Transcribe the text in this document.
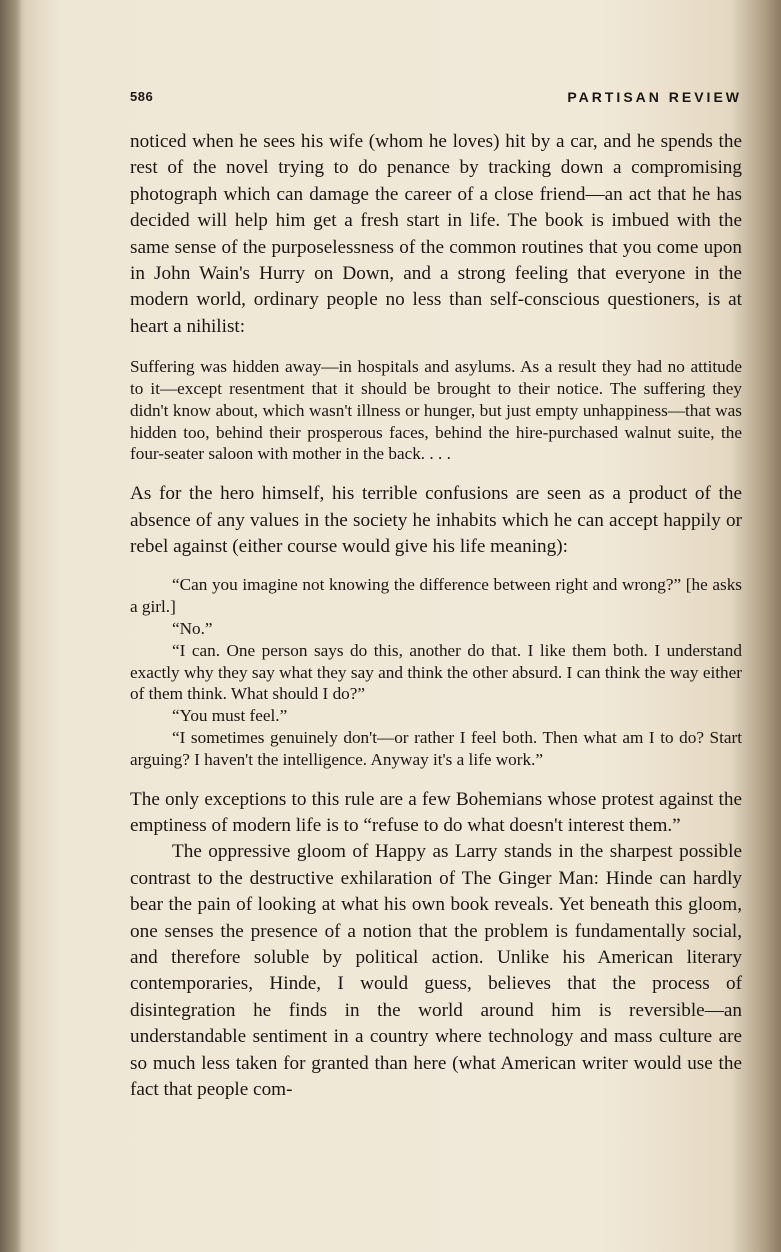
586	PARTISAN REVIEW

noticed when he sees his wife (whom he loves) hit by a car, and he spends the rest of the novel trying to do penance by tracking down a compromising photograph which can damage the career of a close friend—an act that he has decided will help him get a fresh start in life. The book is imbued with the same sense of the purposelessness of the common routines that you come upon in John Wain's Hurry on Down, and a strong feeling that everyone in the modern world, ordinary people no less than self-conscious questioners, is at heart a nihilist:

Suffering was hidden away—in hospitals and asylums. As a result they had no attitude to it—except resentment that it should be brought to their notice. The suffering they didn't know about, which wasn't illness or hunger, but just empty unhappiness—that was hidden too, behind their prosperous faces, behind the hire-purchased walnut suite, the four-seater saloon with mother in the back. . . .

As for the hero himself, his terrible confusions are seen as a product of the absence of any values in the society he inhabits which he can accept happily or rebel against (either course would give his life meaning):

“Can you imagine not knowing the difference between right and wrong?” [he asks a girl.]

“No.”

“I can. One person says do this, another do that. I like them both. I understand exactly why they say what they say and think the other absurd. I can think the way either of them think. What should I do?”

“You must feel.”

“I sometimes genuinely don't—or rather I feel both. Then what am I to do? Start arguing? I haven't the intelligence. Anyway it's a life work.”

The only exceptions to this rule are a few Bohemians whose protest against the emptiness of modern life is to “refuse to do what doesn't interest them.”

The oppressive gloom of Happy as Larry stands in the sharpest possible contrast to the destructive exhilaration of The Ginger Man: Hinde can hardly bear the pain of looking at what his own book reveals. Yet beneath this gloom, one senses the presence of a notion that the problem is fundamentally social, and therefore soluble by political action. Unlike his American literary contemporaries, Hinde, I would guess, believes that the process of disintegration he finds in the world around him is reversible—an understandable sentiment in a country where technology and mass culture are so much less taken for granted than here (what American writer would use the fact that people com-
